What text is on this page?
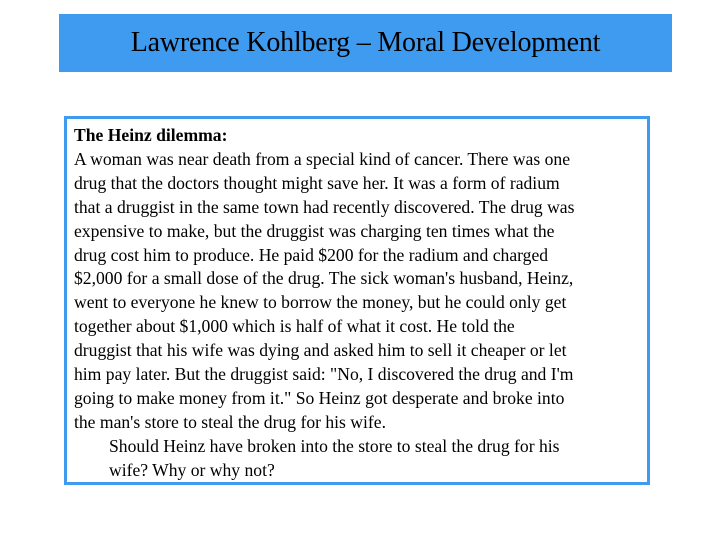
Lawrence Kohlberg – Moral Development
The Heinz dilemma:
A woman was near death from a special kind of cancer. There was one
drug that the doctors thought might save her. It was a form of radium
that a druggist in the same town had recently discovered. The drug was
expensive to make, but the druggist was charging ten times what the
drug cost him to produce. He paid $200 for the radium and charged
$2,000 for a small dose of the drug. The sick woman's husband, Heinz,
went to everyone he knew to borrow the money, but he could only get
together about $1,000 which is half of what it cost. He told the
druggist that his wife was dying and asked him to sell it cheaper or let
him pay later. But the druggist said: "No, I discovered the drug and I'm
going to make money from it." So Heinz got desperate and broke into
the man's store to steal the drug for his wife.
Should Heinz have broken into the store to steal the drug for his
wife? Why or why not?
